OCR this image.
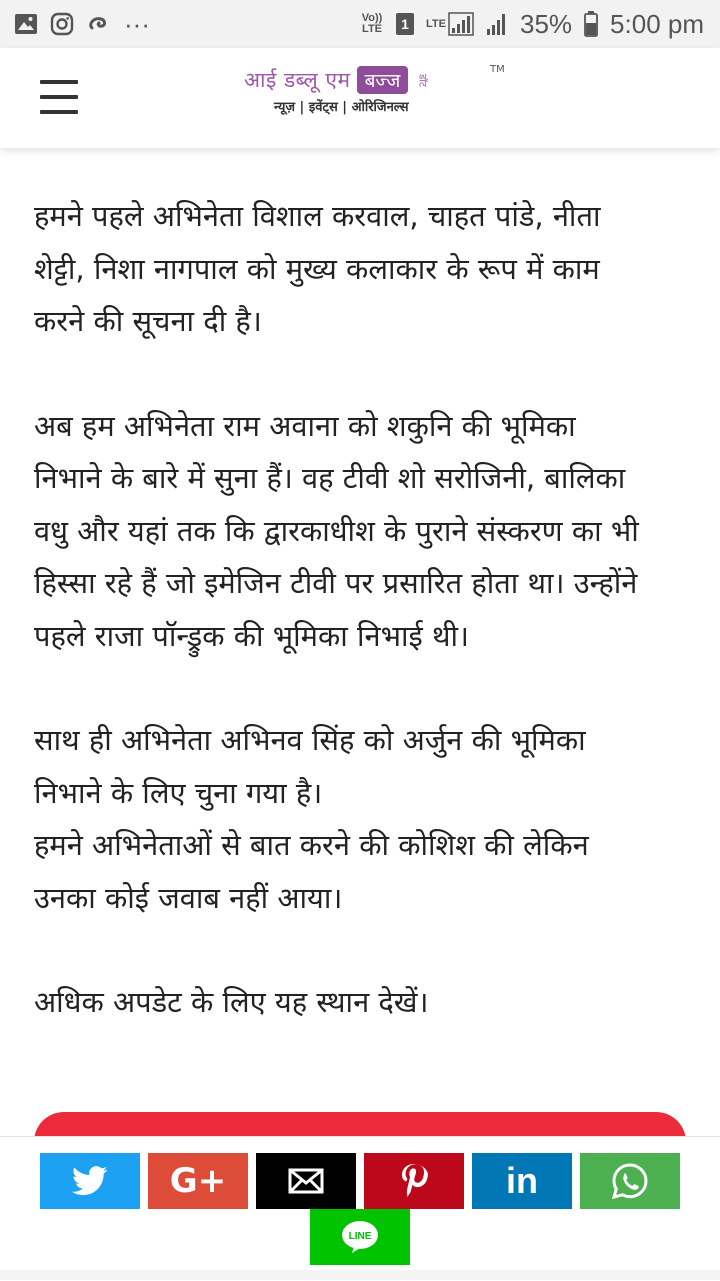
···	Vo)) LTE	1	LTE	35% 5:00 pm
आई डब्लू एम बज्ज	डॉट
TM
न्यूज़ | इवेंट्स | ओरिजिनल्स

हमने पहले अभिनेता विशाल करवाल, चाहत पांडे, नीता
शेट्टी, निशा नागपाल को मुख्य कलाकार के रूप में काम
करने की सूचना दी है।

अब हम अभिनेता राम अवाना को शकुनि की भूमिका
निभाने के बारे में सुना हैं। वह टीवी शो सरोजिनी, बालिका
वधु और यहां तक कि द्वारकाधीश के पुराने संस्करण का भी
हिस्सा रहे हैं जो इमेजिन टीवी पर प्रसारित होता था। उन्होंने
पहले राजा पॉन्ड्रुक की भूमिका निभाई थी।

साथ ही अभिनेता अभिनव सिंह को अर्जुन की भूमिका
निभाने के लिए चुना गया है।
हमने अभिनेताओं से बात करने की कोशिश की लेकिन
उनका कोई जवाब नहीं आया।

अधिक अपडेट के लिए यह स्थान देखें।

G+	in
LINE
